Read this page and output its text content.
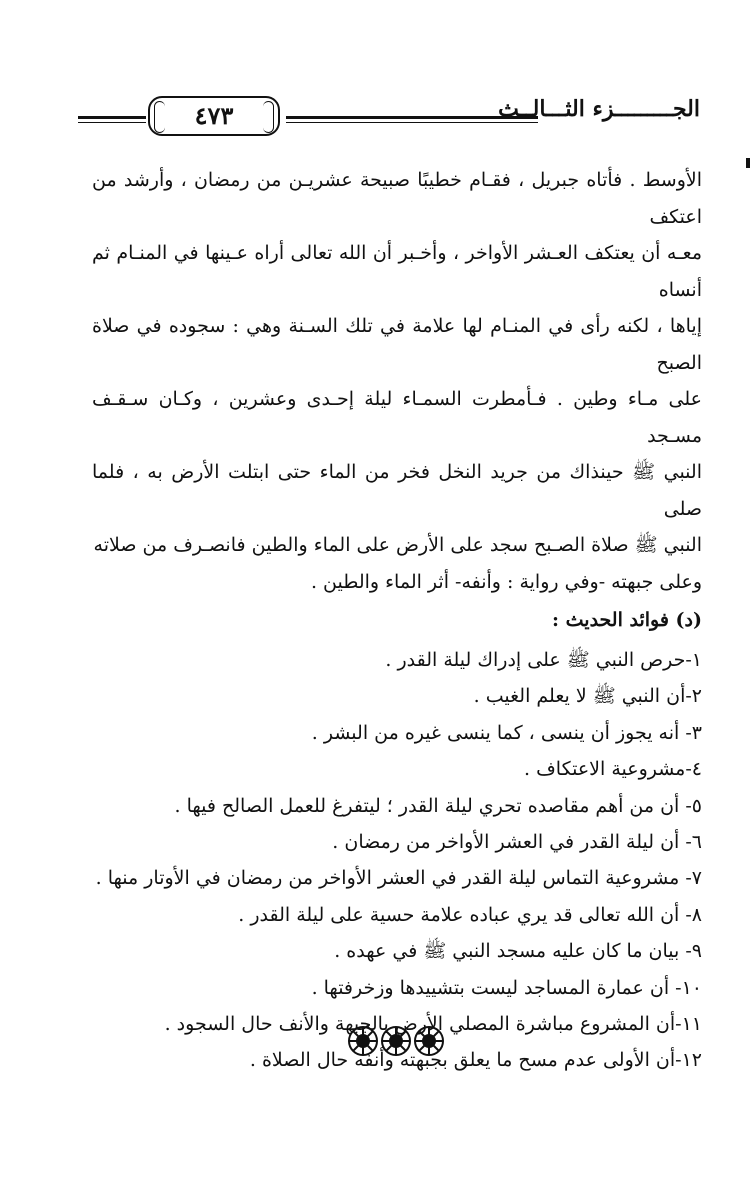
٤٧٣	الجـــــــــزء الثـــالــث

الأوسط . فأتاه جبريل ، فقـام خطيبًا صبيحة عشريـن من رمضان ، وأرشد من اعتكف

معـه أن يعتكف العـشر الأواخر ، وأخـبر أن الله تعالى أراه عـينها في المنـام ثم أنساه

إياها ، لكنه رأى في المنـام لها علامة في تلك السـنة وهي : سجوده في صلاة الصبح

على مـاء وطين . فـأمطرت السمـاء ليلة إحـدى وعشرين ، وكـان سـقـف مسـجد

النبي ﷺ حينذاك من جريد النخل فخر من الماء حتى ابتلت الأرض به ، فلما صلى

النبي ﷺ صلاة الصـبح سجد على الأرض على الماء والطين فانصـرف من صلاته

وعلى جبهته -وفي رواية : وأنفه- أثر الماء والطين .

(د) فوائد الحديث :
١-حرص النبي ﷺ على إدراك ليلة القدر .
٢-أن النبي ﷺ لا يعلم الغيب .
٣- أنه يجوز أن ينسى ، كما ينسى غيره من البشر .
٤-مشروعية الاعتكاف .
٥- أن من أهم مقاصده تحري ليلة القدر ؛ ليتفرغ للعمل الصالح فيها .
٦- أن ليلة القدر في العشر الأواخر من رمضان .
٧- مشروعية التماس ليلة القدر في العشر الأواخر من رمضان في الأوتار منها .
٨- أن الله تعالى قد يري عباده علامة حسية على ليلة القدر .
٩- بيان ما كان عليه مسجد النبي ﷺ في عهده .
١٠- أن عمارة المساجد ليست بتشييدها وزخرفتها .
١١-أن المشروع مباشرة المصلي الأرض بالجبهة والأنف حال السجود .
١٢-أن الأولى عدم مسح ما يعلق بجبهته وأنفه حال الصلاة .
